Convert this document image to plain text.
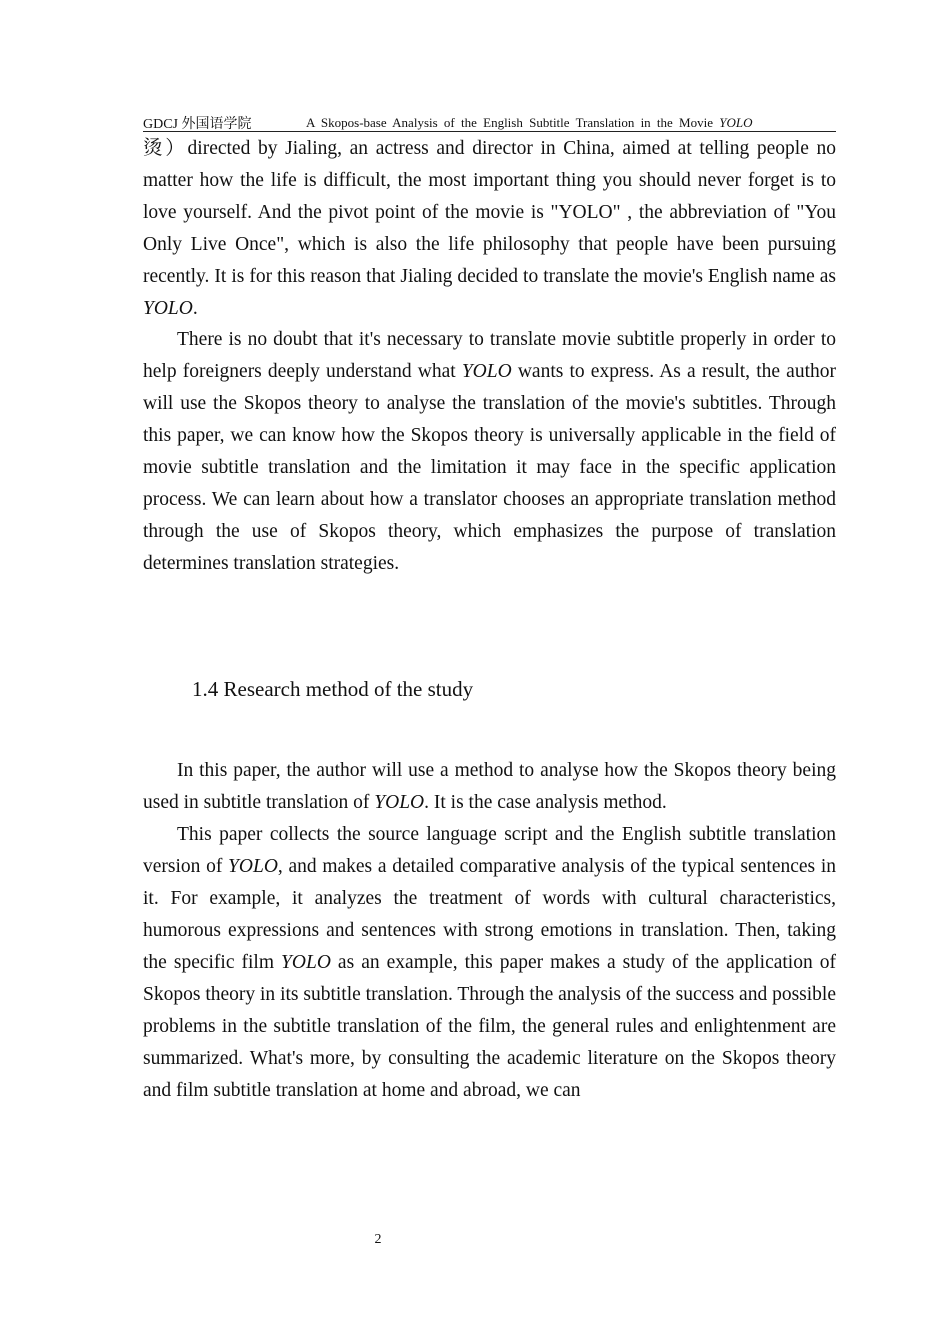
GDCJ 外国语学院	A Skopos-base Analysis of the English Subtitle Translation in the Movie YOLO

烫）directed by Jialing, an actress and director in China, aimed at telling people no matter how the life is difficult, the most important thing you should never forget is to love yourself. And the pivot point of the movie is "YOLO" , the abbreviation of "You Only Live Once", which is also the life philosophy that people have been pursuing recently. It is for this reason that Jialing decided to translate the movie's English name as YOLO.

There is no doubt that it's necessary to translate movie subtitle properly in order to help foreigners deeply understand what YOLO wants to express. As a result, the author will use the Skopos theory to analyse the translation of the movie's subtitles. Through this paper, we can know how the Skopos theory is universally applicable in the field of movie subtitle translation and the limitation it may face in the specific application process. We can learn about how a translator chooses an appropriate translation method through the use of Skopos theory, which emphasizes the purpose of translation determines translation strategies.

1.4 Research method of the study

In this paper, the author will use a method to analyse how the Skopos theory being used in subtitle translation of YOLO. It is the case analysis method.

This paper collects the source language script and the English subtitle translation version of YOLO, and makes a detailed comparative analysis of the typical sentences in it. For example, it analyzes the treatment of words with cultural characteristics, humorous expressions and sentences with strong emotions in translation. Then, taking the specific film YOLO as an example, this paper makes a study of the application of Skopos theory in its subtitle translation. Through the analysis of the success and possible problems in the subtitle translation of the film, the general rules and enlightenment are summarized. What's more, by consulting the academic literature on the Skopos theory and film subtitle translation at home and abroad, we can

2
